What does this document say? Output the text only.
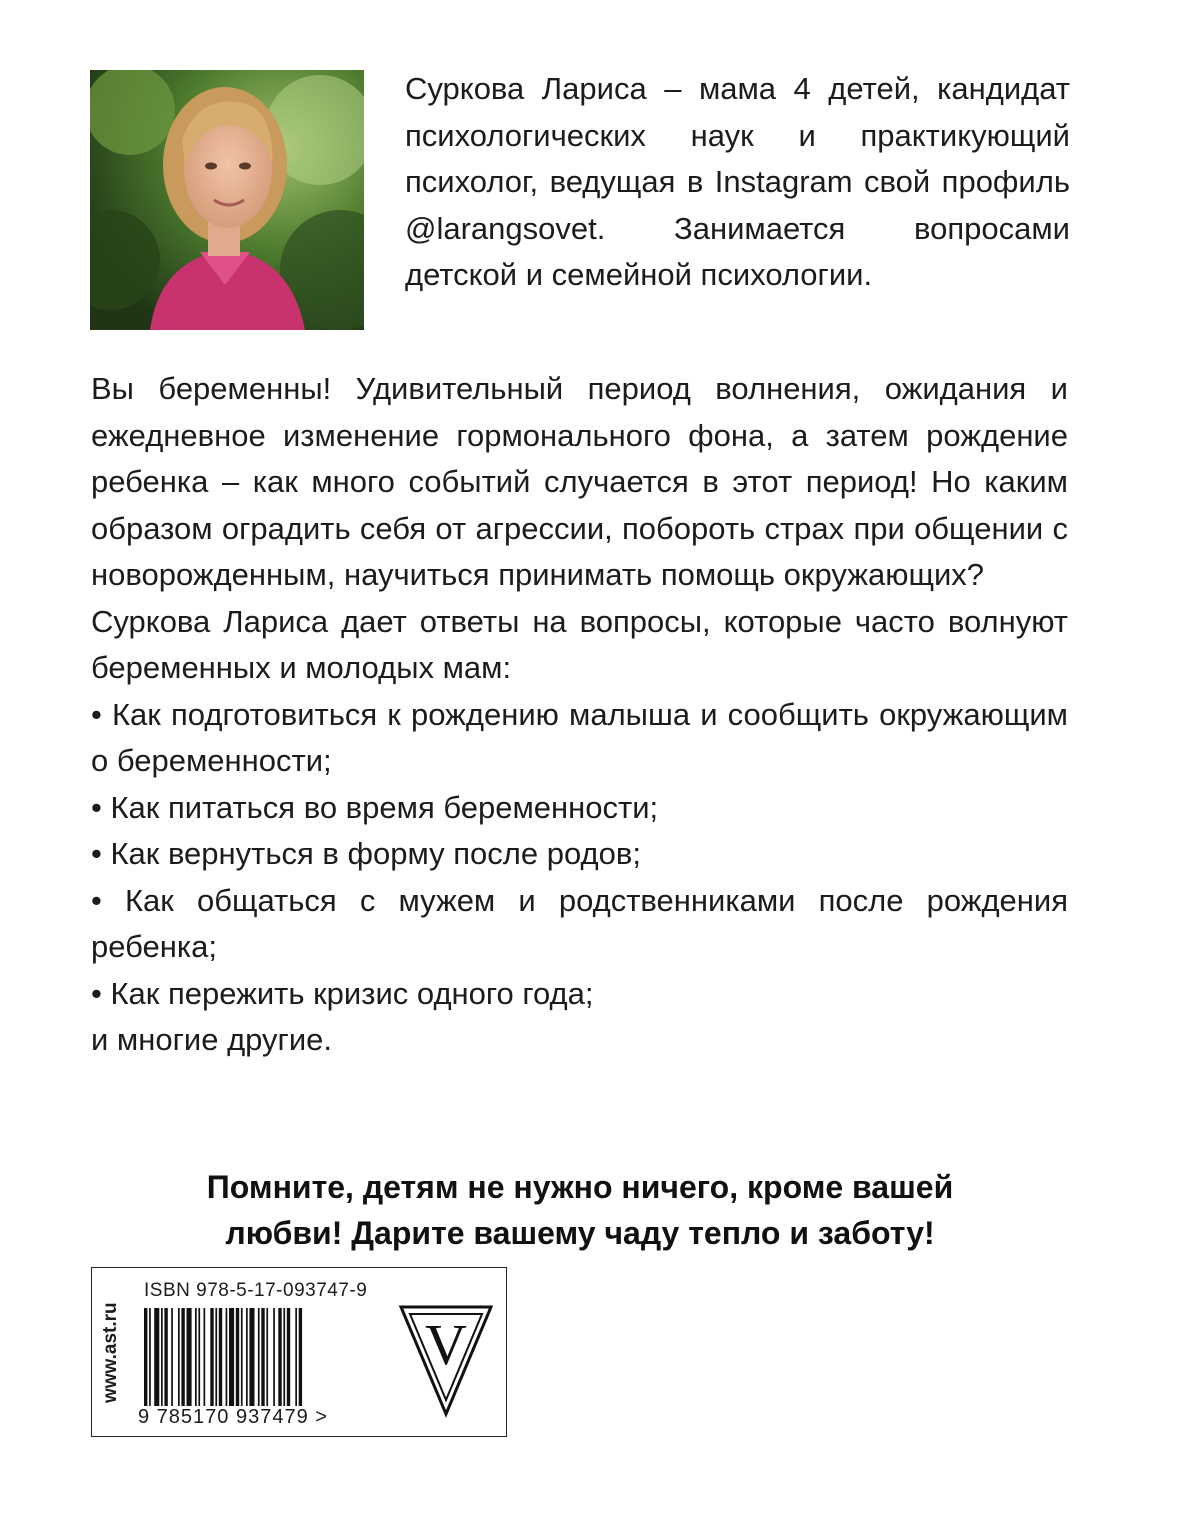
Суркова Лариса – мама 4 детей, кандидат психологических наук и практикующий психолог, ведущая в Instagram свой профиль @larangsovet. Занимается вопросами детской и семейной психологии.

Вы беременны! Удивительный период волнения, ожидания и ежедневное изменение гормонального фона, а затем рождение ребенка – как много событий случается в этот период! Но каким образом оградить себя от агрессии, побороть страх при общении с новорожденным, научиться принимать помощь окружающих?

Суркова Лариса дает ответы на вопросы, которые часто волнуют беременных и молодых мам:

• Как подготовиться к рождению малыша и сообщить окружающим о беременности;

• Как питаться во время беременности;

• Как вернуться в форму после родов;

• Как общаться с мужем и родственниками после рождения ребенка;

• Как пережить кризис одного года;

и многие другие.

Помните, детям не нужно ничего, кроме вашей
любви! Дарите вашему чаду тепло и заботу!
www.ast.ru
ISBN 978-5-17-093747-9
9 785170 937479 >
V
